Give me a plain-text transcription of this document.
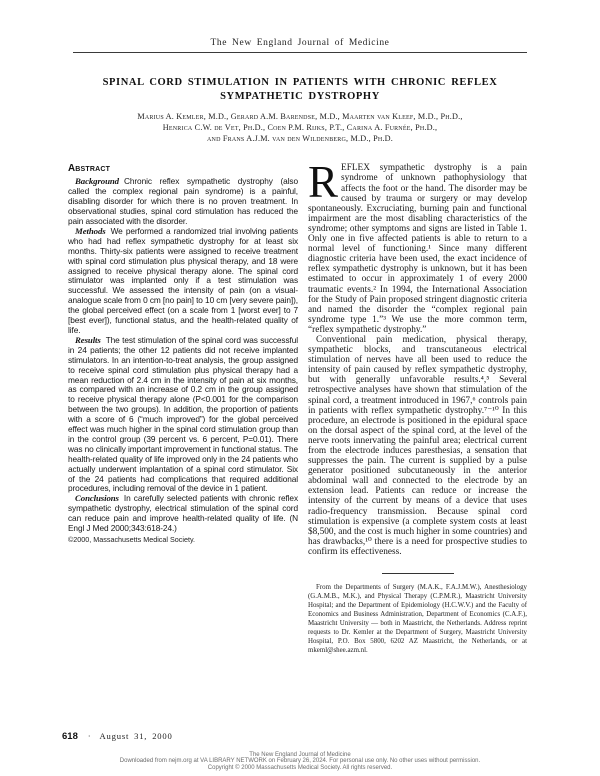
The New England Journal of Medicine
SPINAL CORD STIMULATION IN PATIENTS WITH CHRONIC REFLEX
SYMPATHETIC DYSTROPHY
Marius A. Kemler, M.D., Gerard A.M. Barendse, M.D., Maarten van Kleef, M.D., Ph.D.,
Henrica C.W. de Vet, Ph.D., Coen P.M. Rijks, P.T., Carina A. Furnée, Ph.D.,
and Frans A.J.M. van den Wildenberg, M.D., Ph.D.
Abstract

Background Chronic reflex sympathetic dystrophy (also called the complex regional pain syndrome) is a painful, disabling disorder for which there is no proven treatment. In observational studies, spinal cord stimulation has reduced the pain associated with the disorder.

Methods We performed a randomized trial involving patients who had had reflex sympathetic dystrophy for at least six months. Thirty-six patients were assigned to receive treatment with spinal cord stimulation plus physical therapy, and 18 were assigned to receive physical therapy alone. The spinal cord stimulator was implanted only if a test stimulation was successful. We assessed the intensity of pain (on a visual-analogue scale from 0 cm [no pain] to 10 cm [very severe pain]), the global perceived effect (on a scale from 1 [worst ever] to 7 [best ever]), functional status, and the health-related quality of life.

Results The test stimulation of the spinal cord was successful in 24 patients; the other 12 patients did not receive implanted stimulators. In an intention-to-treat analysis, the group assigned to receive spinal cord stimulation plus physical therapy had a mean reduction of 2.4 cm in the intensity of pain at six months, as compared with an increase of 0.2 cm in the group assigned to receive physical therapy alone (P<0.001 for the comparison between the two groups). In addition, the proportion of patients with a score of 6 (“much improved”) for the global perceived effect was much higher in the spinal cord stimulation group than in the control group (39 percent vs. 6 percent, P=0.01). There was no clinically important improvement in functional status. The health-related quality of life improved only in the 24 patients who actually underwent implantation of a spinal cord stimulator. Six of the 24 patients had complications that required additional procedures, including removal of the device in 1 patient.

Conclusions In carefully selected patients with chronic reflex sympathetic dystrophy, electrical stimulation of the spinal cord can reduce pain and improve health-related quality of life. (N Engl J Med 2000;343:618-24.)

©2000, Massachusetts Medical Society.

REFLEX sympathetic dystrophy is a pain syndrome of unknown pathophysiology that affects the foot or the hand. The disorder may be caused by trauma or surgery or may develop spontaneously. Excruciating, burning pain and functional impairment are the most disabling characteristics of the syndrome; other symptoms and signs are listed in Table 1. Only one in five affected patients is able to return to a normal level of functioning.¹ Since many different diagnostic criteria have been used, the exact incidence of reflex sympathetic dystrophy is unknown, but it has been estimated to occur in approximately 1 of every 2000 traumatic events.² In 1994, the International Association for the Study of Pain proposed stringent diagnostic criteria and named the disorder the “complex regional pain syndrome type 1.”³ We use the more common term, “reflex sympathetic dystrophy.”

Conventional pain medication, physical therapy, sympathetic blocks, and transcutaneous electrical stimulation of nerves have all been used to reduce the intensity of pain caused by reflex sympathetic dystrophy, but with generally unfavorable results.⁴,⁵ Several retrospective analyses have shown that stimulation of the spinal cord, a treatment introduced in 1967,⁶ controls pain in patients with reflex sympathetic dystrophy.⁷⁻¹⁰ In this procedure, an electrode is positioned in the epidural space on the dorsal aspect of the spinal cord, at the level of the nerve roots innervating the painful area; electrical current from the electrode induces paresthesias, a sensation that suppresses the pain. The current is supplied by a pulse generator positioned subcutaneously in the anterior abdominal wall and connected to the electrode by an extension lead. Patients can reduce or increase the intensity of the current by means of a device that uses radio-frequency transmission. Because spinal cord stimulation is expensive (a complete system costs at least $8,500, and the cost is much higher in some countries) and has drawbacks,¹⁰ there is a need for prospective studies to confirm its effectiveness.

From the Departments of Surgery (M.A.K., F.A.J.M.W.), Anesthesiology (G.A.M.B., M.K.), and Physical Therapy (C.P.M.R.), Maastricht University Hospital; and the Department of Epidemiology (H.C.W.V.) and the Faculty of Economics and Business Administration, Department of Economics (C.A.F.), Maastricht University — both in Maastricht, the Netherlands. Address reprint requests to Dr. Kemler at the Department of Surgery, Maastricht University Hospital, P.O. Box 5800, 6202 AZ Maastricht, the Netherlands, or at mkeml@shee.azm.nl.

618 · August 31, 2000
The New England Journal of Medicine
Downloaded from nejm.org at VA LIBRARY NETWORK on February 26, 2024. For personal use only. No other uses without permission.
Copyright © 2000 Massachusetts Medical Society. All rights reserved.
